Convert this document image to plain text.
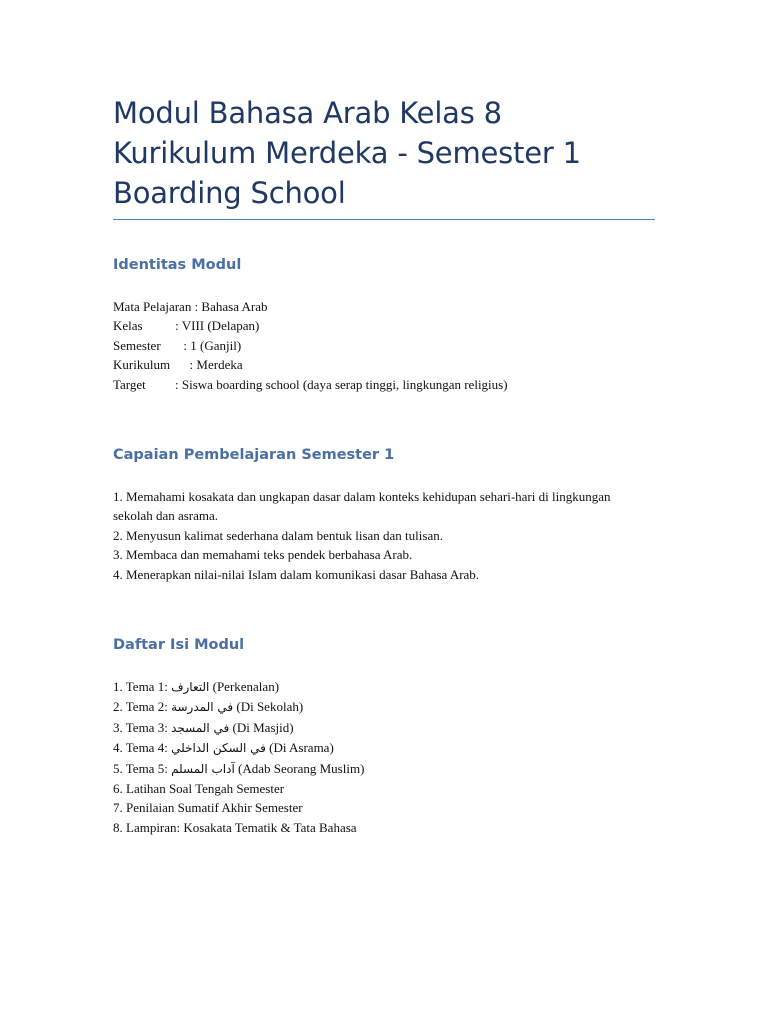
Modul Bahasa Arab Kelas 8
Kurikulum Merdeka - Semester 1
Boarding School
Identitas Modul
Mata Pelajaran : Bahasa Arab
Kelas          : VIII (Delapan)
Semester       : 1 (Ganjil)
Kurikulum      : Merdeka
Target         : Siswa boarding school (daya serap tinggi, lingkungan religius)
Capaian Pembelajaran Semester 1
1. Memahami kosakata dan ungkapan dasar dalam konteks kehidupan sehari-hari di lingkungan sekolah dan asrama.
2. Menyusun kalimat sederhana dalam bentuk lisan dan tulisan.
3. Membaca dan memahami teks pendek berbahasa Arab.
4. Menerapkan nilai-nilai Islam dalam komunikasi dasar Bahasa Arab.
Daftar Isi Modul
1. Tema 1: التعارف (Perkenalan)
2. Tema 2: في المدرسة (Di Sekolah)
3. Tema 3: في المسجد (Di Masjid)
4. Tema 4: في السكن الداخلي (Di Asrama)
5. Tema 5: آداب المسلم (Adab Seorang Muslim)
6. Latihan Soal Tengah Semester
7. Penilaian Sumatif Akhir Semester
8. Lampiran: Kosakata Tematik & Tata Bahasa
